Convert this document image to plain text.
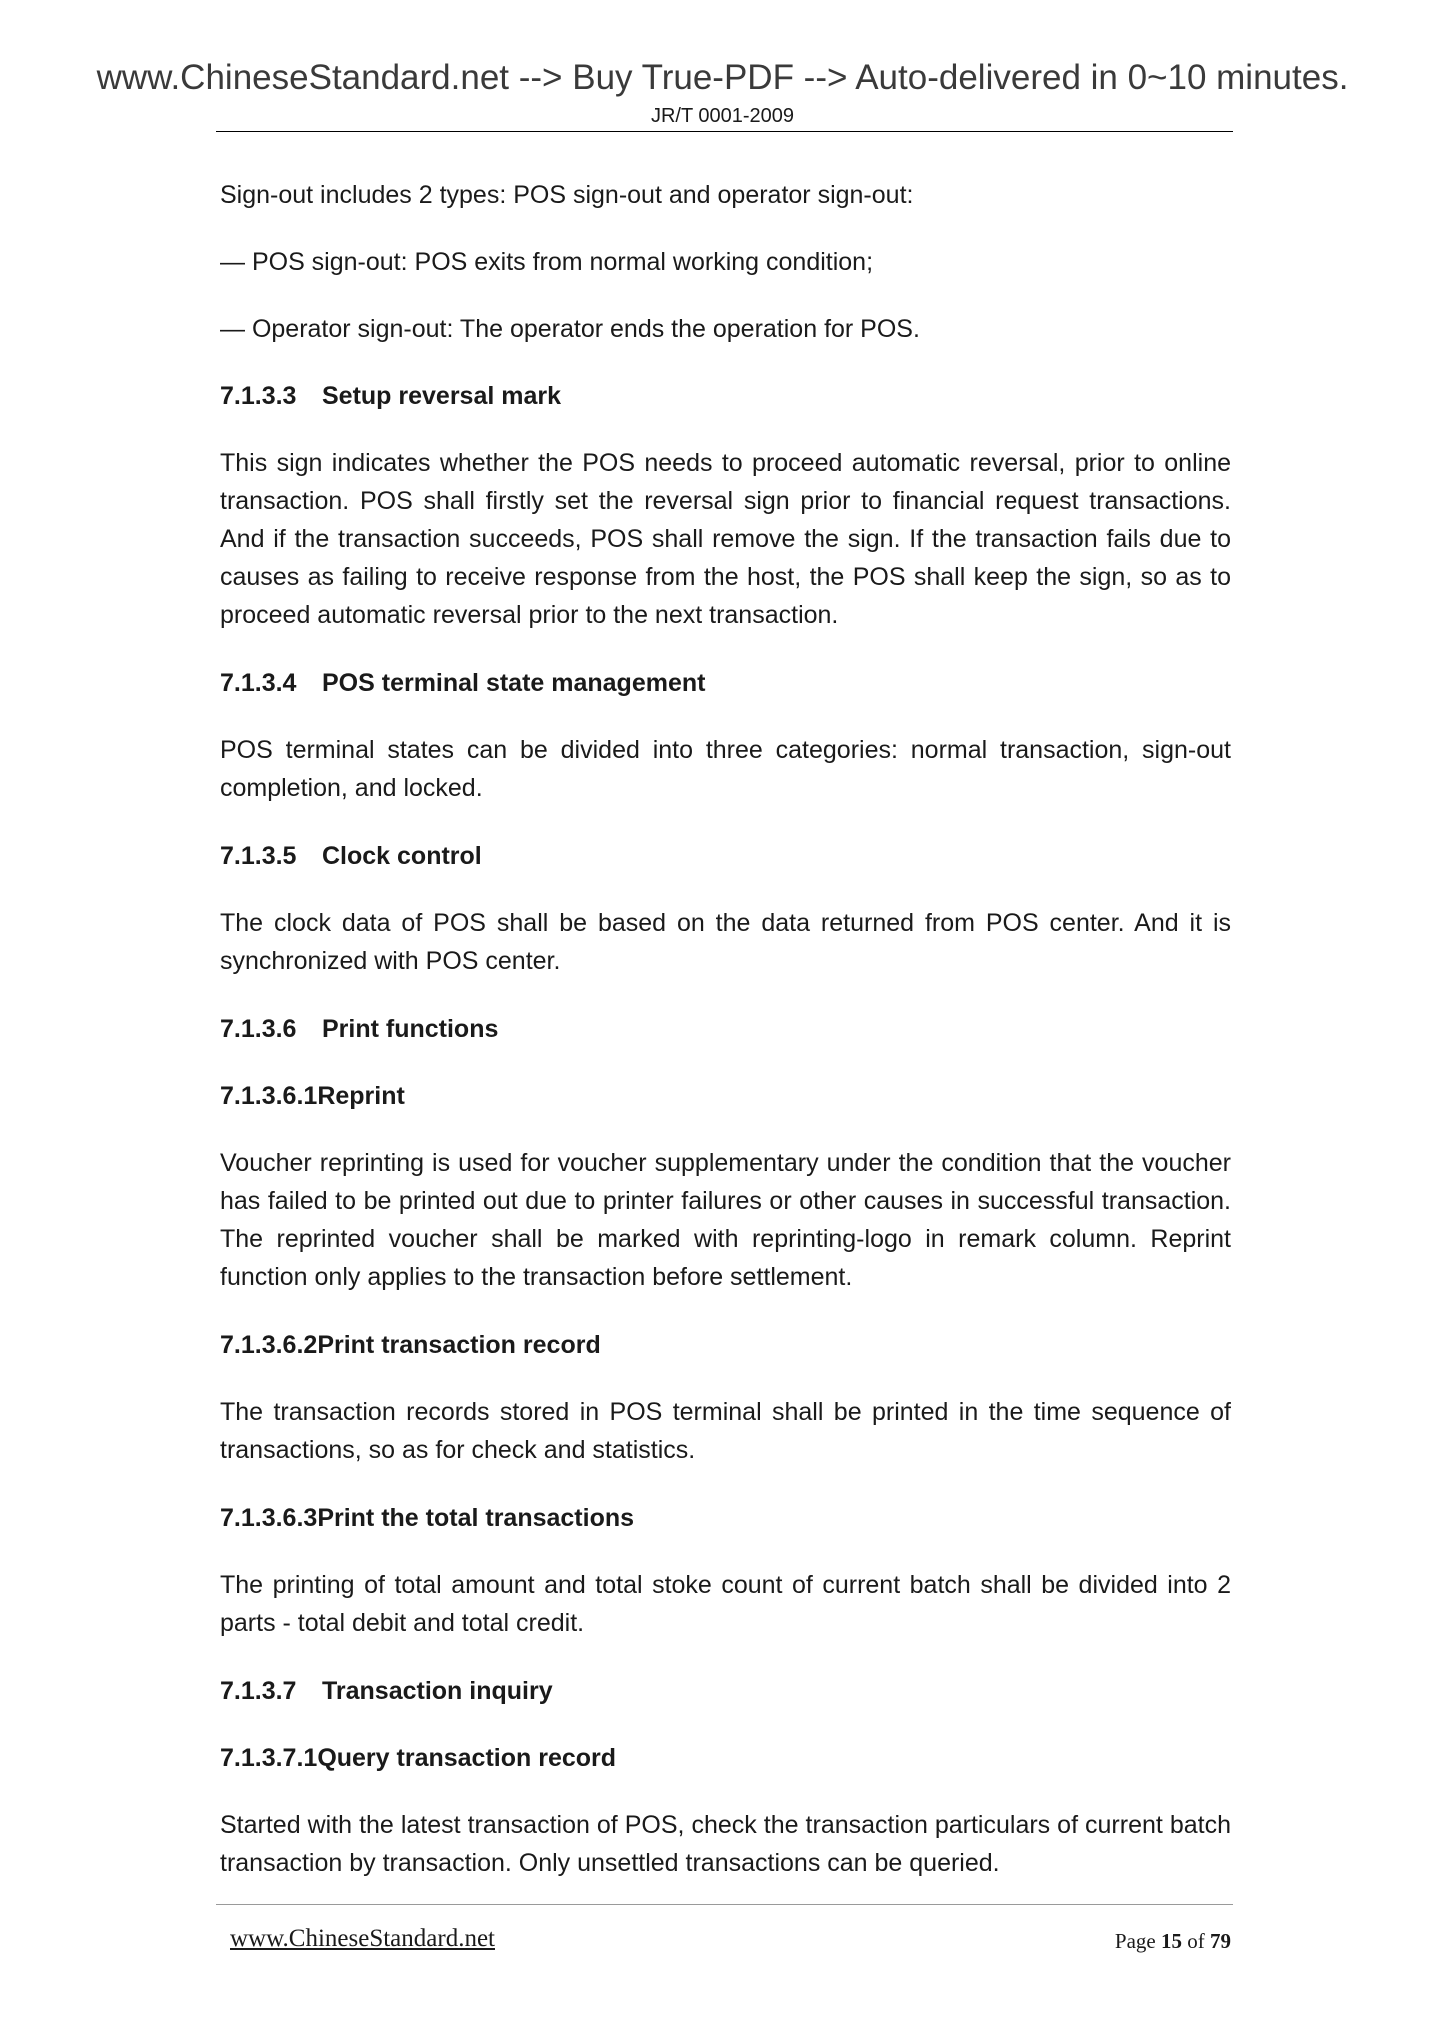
www.ChineseStandard.net --> Buy True-PDF --> Auto-delivered in 0~10 minutes.
JR/T 0001-2009
Sign-out includes 2 types: POS sign-out and operator sign-out:
— POS sign-out: POS exits from normal working condition;
— Operator sign-out: The operator ends the operation for POS.
7.1.3.3 Setup reversal mark
This sign indicates whether the POS needs to proceed automatic reversal, prior to online transaction. POS shall firstly set the reversal sign prior to financial request transactions. And if the transaction succeeds, POS shall remove the sign. If the transaction fails due to causes as failing to receive response from the host, the POS shall keep the sign, so as to proceed automatic reversal prior to the next transaction.
7.1.3.4 POS terminal state management
POS terminal states can be divided into three categories: normal transaction, sign-out completion, and locked.
7.1.3.5 Clock control
The clock data of POS shall be based on the data returned from POS center. And it is synchronized with POS center.
7.1.3.6 Print functions
7.1.3.6.1Reprint
Voucher reprinting is used for voucher supplementary under the condition that the voucher has failed to be printed out due to printer failures or other causes in successful transaction. The reprinted voucher shall be marked with reprinting-logo in remark column. Reprint function only applies to the transaction before settlement.
7.1.3.6.2Print transaction record
The transaction records stored in POS terminal shall be printed in the time sequence of transactions, so as for check and statistics.
7.1.3.6.3Print the total transactions
The printing of total amount and total stoke count of current batch shall be divided into 2 parts - total debit and total credit.
7.1.3.7 Transaction inquiry
7.1.3.7.1Query transaction record
Started with the latest transaction of POS, check the transaction particulars of current batch transaction by transaction. Only unsettled transactions can be queried.
www.ChineseStandard.net	Page 15 of 79
